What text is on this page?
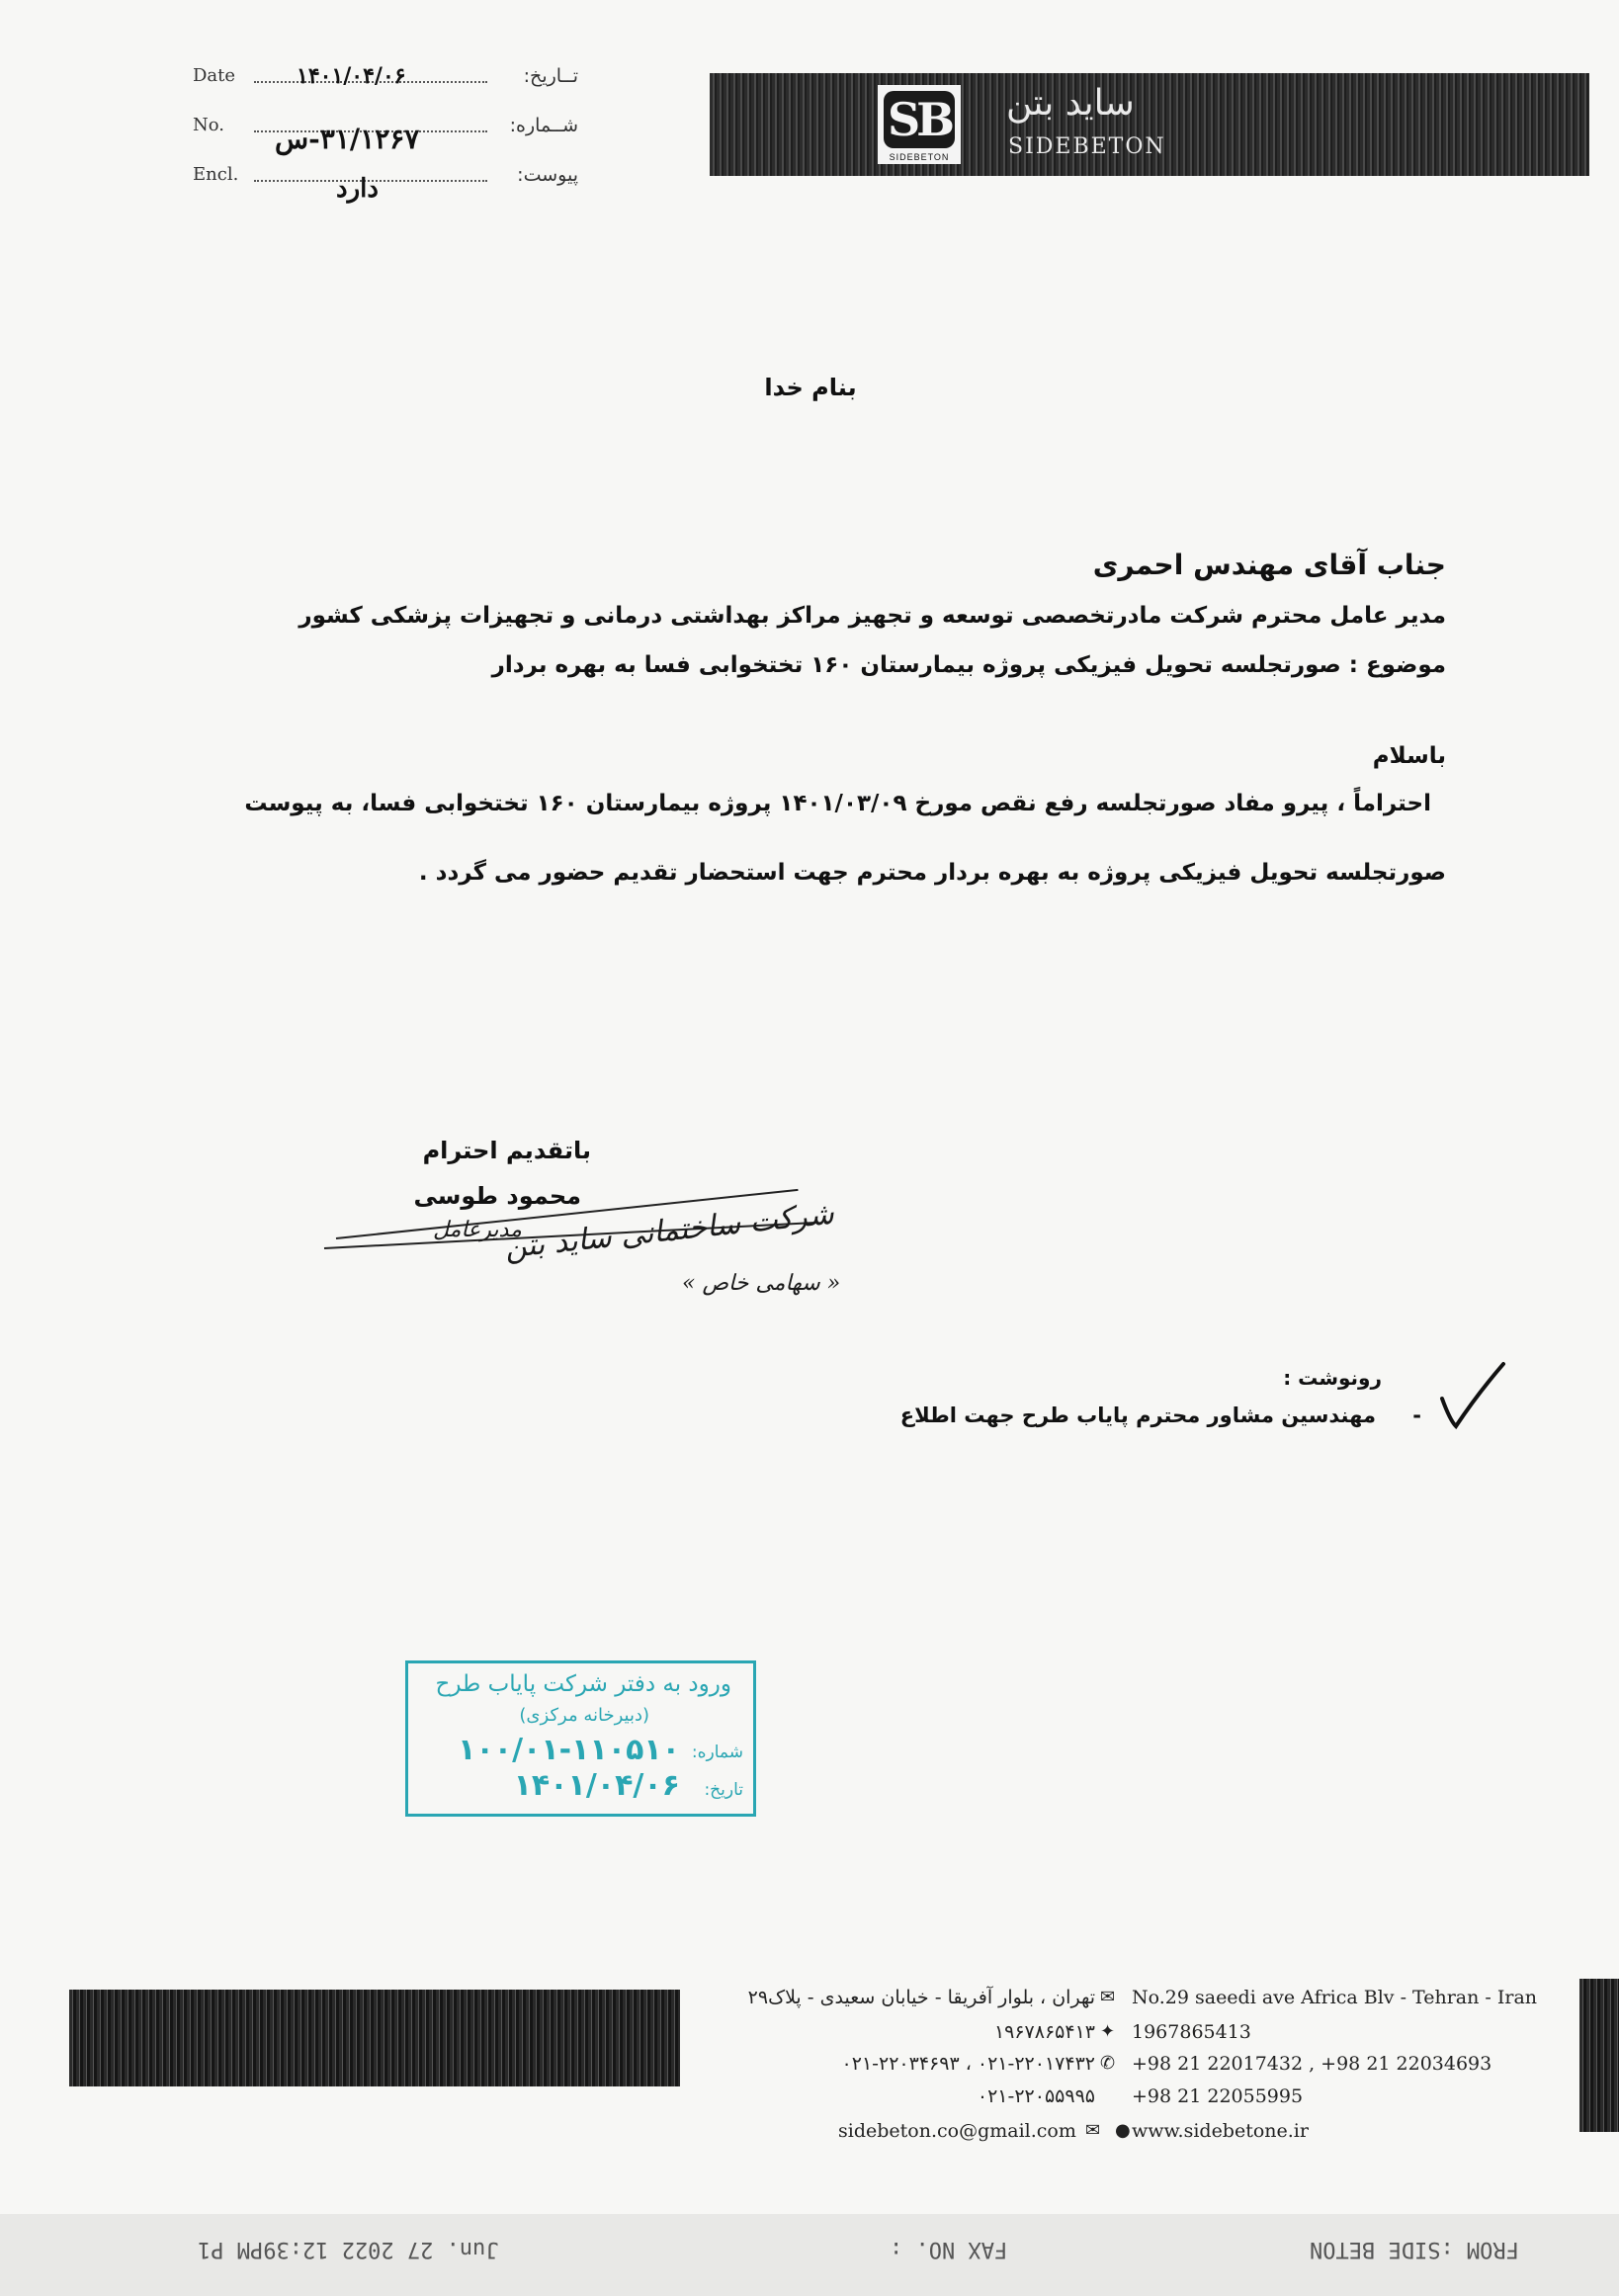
Date	تــاریخ:
۱۴۰۱/۰۴/۰۶
No.	شــماره:
۳۱/۱۲۶۷-س
Encl.	پیوست:
دارد
SB
SIDEBETON
ساید بتن
SIDEBETON
بنام خدا
جناب آقای مهندس احمری
مدیر عامل محترم شرکت مادرتخصصی توسعه و تجهیز مراکز بهداشتی درمانی و تجهیزات پزشکی کشور
موضوع : صورتجلسه تحویل فیزیکی پروژه بیمارستان ۱۶۰ تختخوابی فسا به بهره بردار
باسلام
احتراماً ، پیرو مفاد صورتجلسه رفع نقص مورخ ۱۴۰۱/۰۳/۰۹ پروژه بیمارستان ۱۶۰ تختخوابی فسا، به پیوست
صورتجلسه تحویل فیزیکی پروژه به بهره بردار محترم جهت استحضار تقدیم حضور می گردد .
باتقدیم احترام
محمود طوسی
شرکت ساختمانی ساید بتن
مدیرعامل
« سهامی خاص »
رونوشت :
- مهندسین مشاور محترم پایاب طرح جهت اطلاع
ورود به دفتر شرکت پایاب طرح
(دبیرخانه مرکزی)
شماره:
۱۰۰/۰۱-۱۱۰۵۱۰
تاریخ:
۱۴۰۱/۰۴/۰۶
تهران ، بلوار آفریقا - خیابان سعیدی - پلاک۲۹ ✉ No.29 saeedi ave Africa Blv - Tehran - Iran
۱۹۶۷۸۶۵۴۱۳ ✦ 1967865413
۰۲۱-۲۲۰۱۷۴۳۲ ، ۰۲۱-۲۲۰۳۴۶۹۳ ✆ +98 21 22017432 , +98 21 22034693
۰۲۱-۲۲۰۵۵۹۹۵ +98 21 22055995
sidebeton.co@gmail.com ✉ ● www.sidebetone.ir
FROM :SIDE BETON
FAX NO. :
Jun. 27 2022 12:39PM P1
